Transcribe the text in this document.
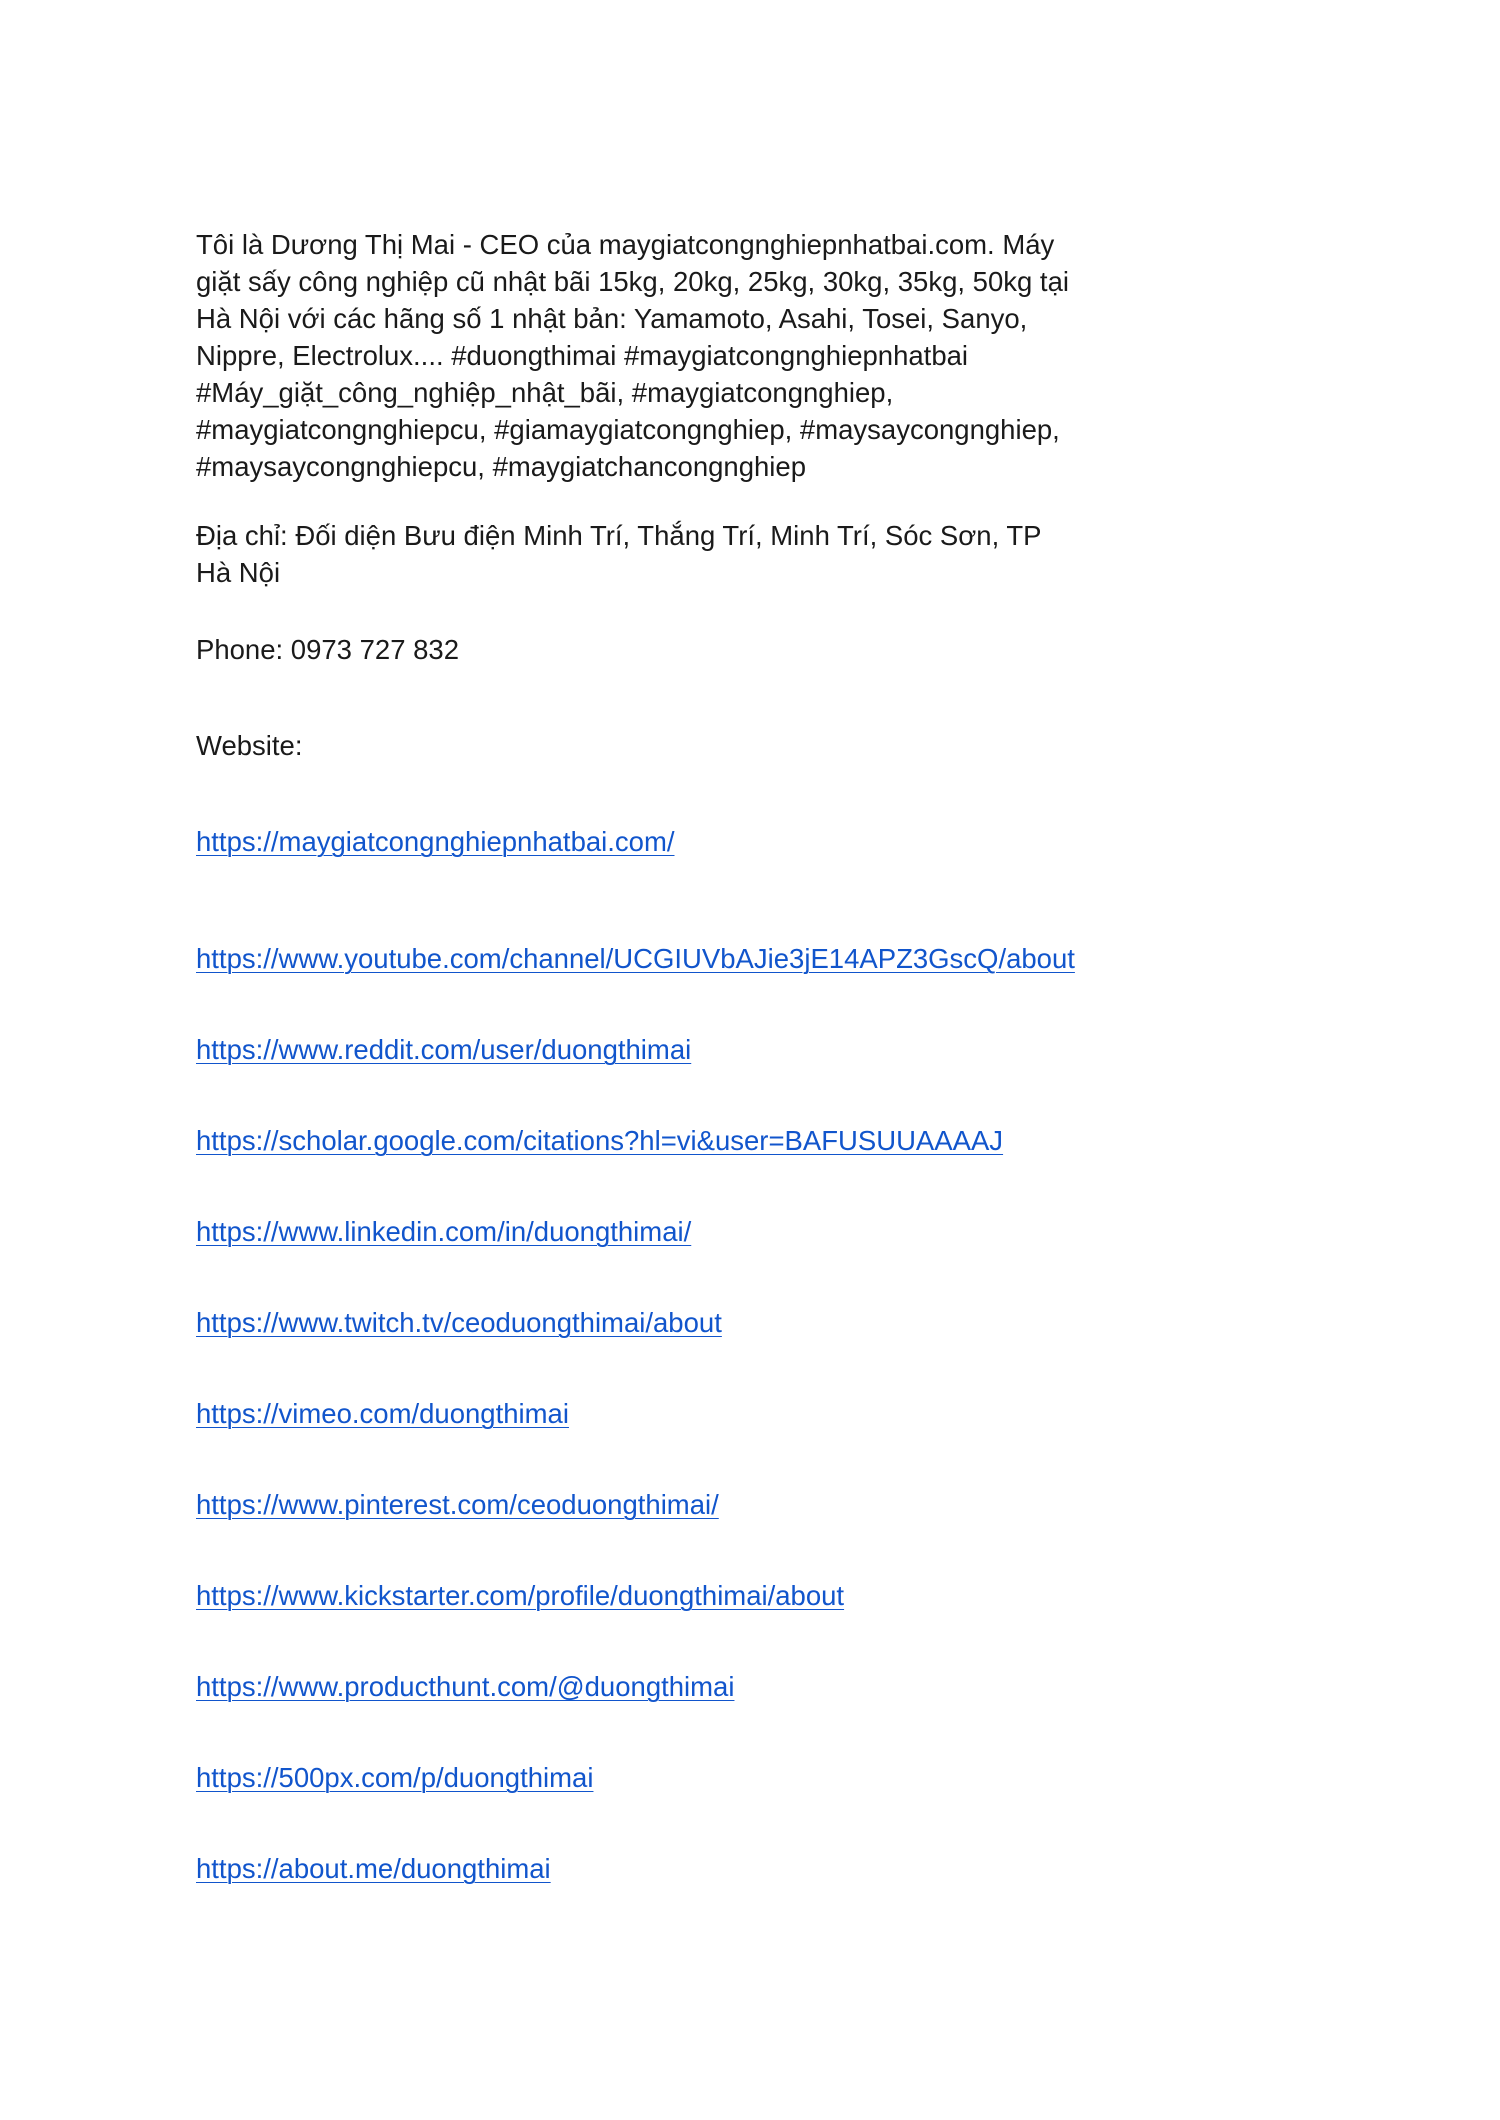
Tôi là Dương Thị Mai - CEO của maygiatcongnghiepnhatbai.com. Máy
giặt sấy công nghiệp cũ nhật bãi 15kg, 20kg, 25kg, 30kg, 35kg, 50kg tại
Hà Nội với các hãng số 1 nhật bản: Yamamoto, Asahi, Tosei, Sanyo,
Nippre, Electrolux.... #duongthimai #maygiatcongnghiepnhatbai
#Máy_giặt_công_nghiệp_nhật_bãi, #maygiatcongnghiep,
#maygiatcongnghiepcu, #giamaygiatcongnghiep, #maysaycongnghiep,
#maysaycongnghiepcu, #maygiatchancongnghiep

Địa chỉ: Đối diện Bưu điện Minh Trí, Thắng Trí, Minh Trí, Sóc Sơn, TP
Hà Nội

Phone: 0973 727 832

Website:

https://maygiatcongnghiepnhatbai.com/
https://www.youtube.com/channel/UCGIUVbAJie3jE14APZ3GscQ/about
https://www.reddit.com/user/duongthimai
https://scholar.google.com/citations?hl=vi&user=BAFUSUUAAAAJ
https://www.linkedin.com/in/duongthimai/
https://www.twitch.tv/ceoduongthimai/about
https://vimeo.com/duongthimai
https://www.pinterest.com/ceoduongthimai/
https://www.kickstarter.com/profile/duongthimai/about
https://www.producthunt.com/@duongthimai
https://500px.com/p/duongthimai
https://about.me/duongthimai
